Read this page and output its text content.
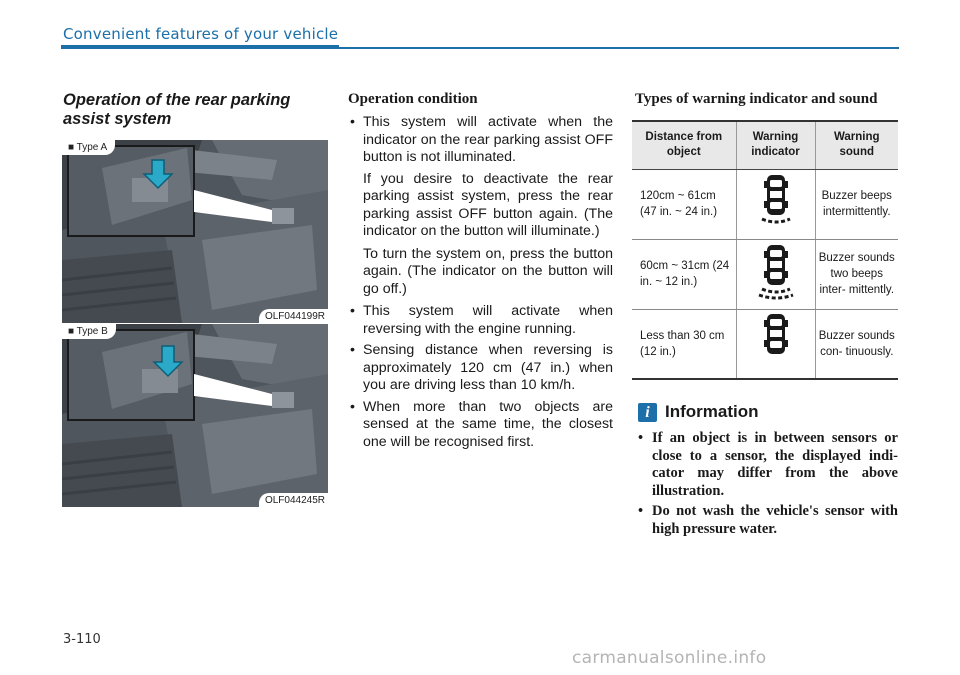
Convenient features of your vehicle
Operation of the rear parking assist system
■ Type A
OLF044199R
■ Type B
OLF044245R
Operation condition
• This system will activate when the indicator on the rear parking assist OFF button is not illuminated.

If you desire to deactivate the rear parking assist system, press the rear parking assist OFF button again. (The indicator on the button will illuminate.)

To turn the system on, press the button again. (The indicator on the button will go off.)

• This system will activate when reversing with the engine running.
• Sensing distance when reversing is approximately 120 cm (47 in.) when you are driving less than 10 km/h.
• When more than two objects are sensed at the same time, the closest one will be recognised first.
Types of warning indicator and sound
Distance from object	Warning indicator	Warning sound
120cm ~ 61cm (47 in. ~ 24 in.)		Buzzer beeps intermittently.
60cm ~ 31cm (24 in. ~ 12 in.)		Buzzer sounds two beeps inter- mittently.
Less than 30 cm (12 in.)		Buzzer sounds con- tinuously.
i Information
• If an object is in between sensors or close to a sensor, the displayed indi- cator may differ from the above illustration.
• Do not wash the vehicle's sensor with high pressure water.
3-110
carmanualsonline.info
